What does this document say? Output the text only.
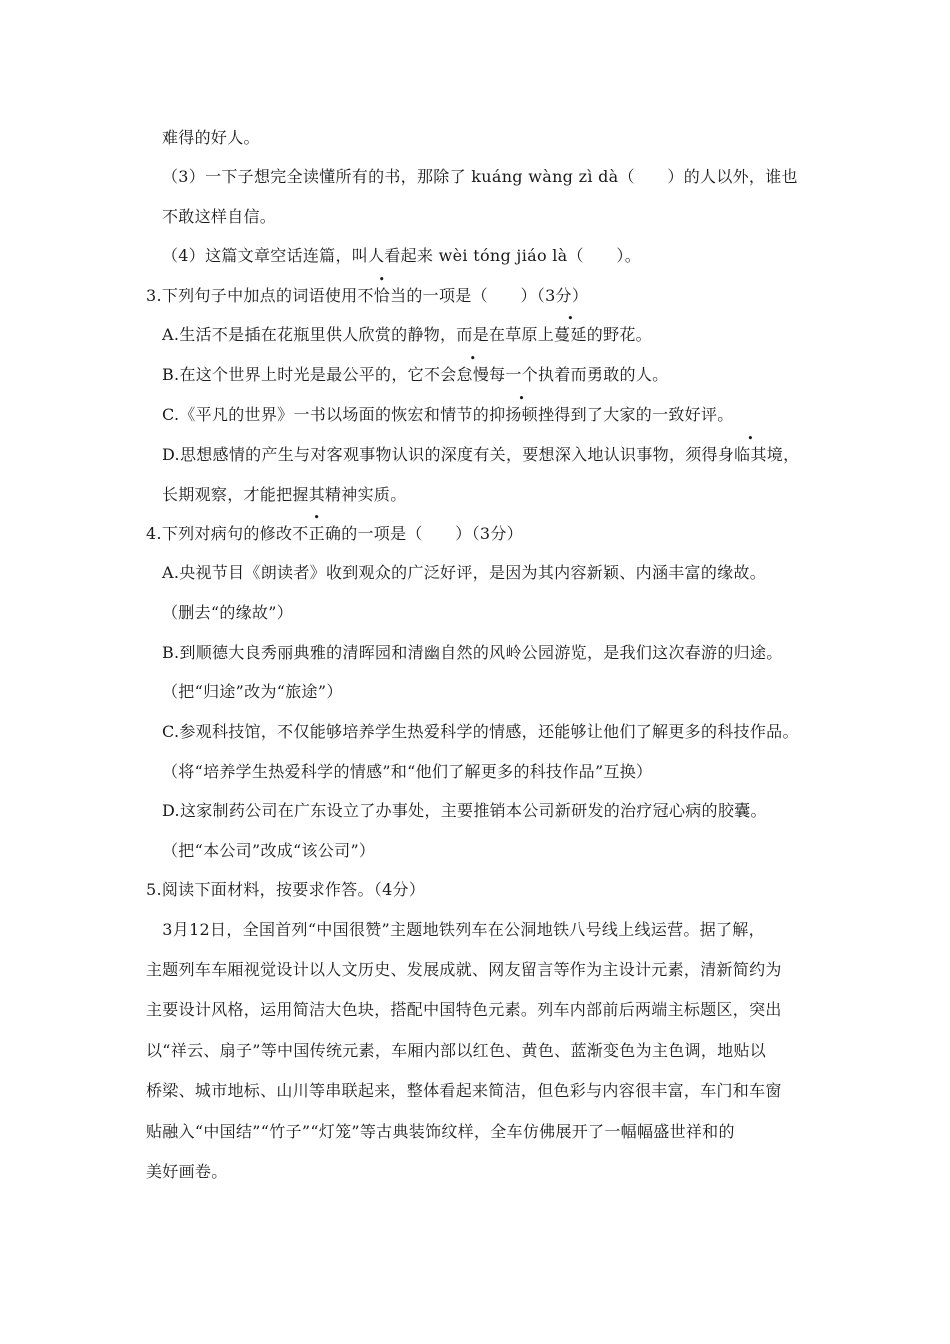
难得的好人。
（3）一下子想完全读懂所有的书，那除了 kuáng wàng zì dà（　　）的人以外，谁也
不敢这样自信。
（4）这篇文章空话连篇，叫人看起来 wèi tóng jiáo là（　　）。
3.下列句子中加点的词语使用不恰当的一项是（　　）（3分）
A.生活不是插在花瓶里供人欣赏的静物，而是在草原上蔓延的野花。
B.在这个世界上时光是最公平的，它不会怠慢每一个执着而勇敢的人。
C.《平凡的世界》一书以场面的恢宏和情节的抑扬顿挫得到了大家的一致好评。
D.思想感情的产生与对客观事物认识的深度有关，要想深入地认识事物，须得身临其境，
长期观察，才能把握其精神实质。
4.下列对病句的修改不正确的一项是（　　）（3分）
A.央视节目《朗读者》收到观众的广泛好评，是因为其内容新颖、内涵丰富的缘故。
（删去“的缘故”）
B.到顺德大良秀丽典雅的清晖园和清幽自然的风岭公园游览，是我们这次春游的归途。
（把“归途”改为“旅途”）
C.参观科技馆，不仅能够培养学生热爱科学的情感，还能够让他们了解更多的科技作品。
（将“培养学生热爱科学的情感”和“他们了解更多的科技作品”互换）
D.这家制药公司在广东设立了办事处，主要推销本公司新研发的治疗冠心病的胶囊。
（把“本公司”改成“该公司”）
5.阅读下面材料，按要求作答。（4分）
　3月12日，全国首列“中国很赞”主题地铁列车在公洞地铁八号线上线运营。据了解，
主题列车车厢视觉设计以人文历史、发展成就、网友留言等作为主设计元素，清新简约为
主要设计风格，运用简洁大色块，搭配中国特色元素。列车内部前后两端主标题区，突出
以“祥云、扇子”等中国传统元素，车厢内部以红色、黄色、蓝渐变色为主色调，地贴以
桥梁、城市地标、山川等串联起来，整体看起来简洁，但色彩与内容很丰富，车门和车窗
贴融入“中国结”“竹子”“灯笼”等古典装饰纹样，全车仿佛展开了一幅幅盛世祥和的
美好画卷。
